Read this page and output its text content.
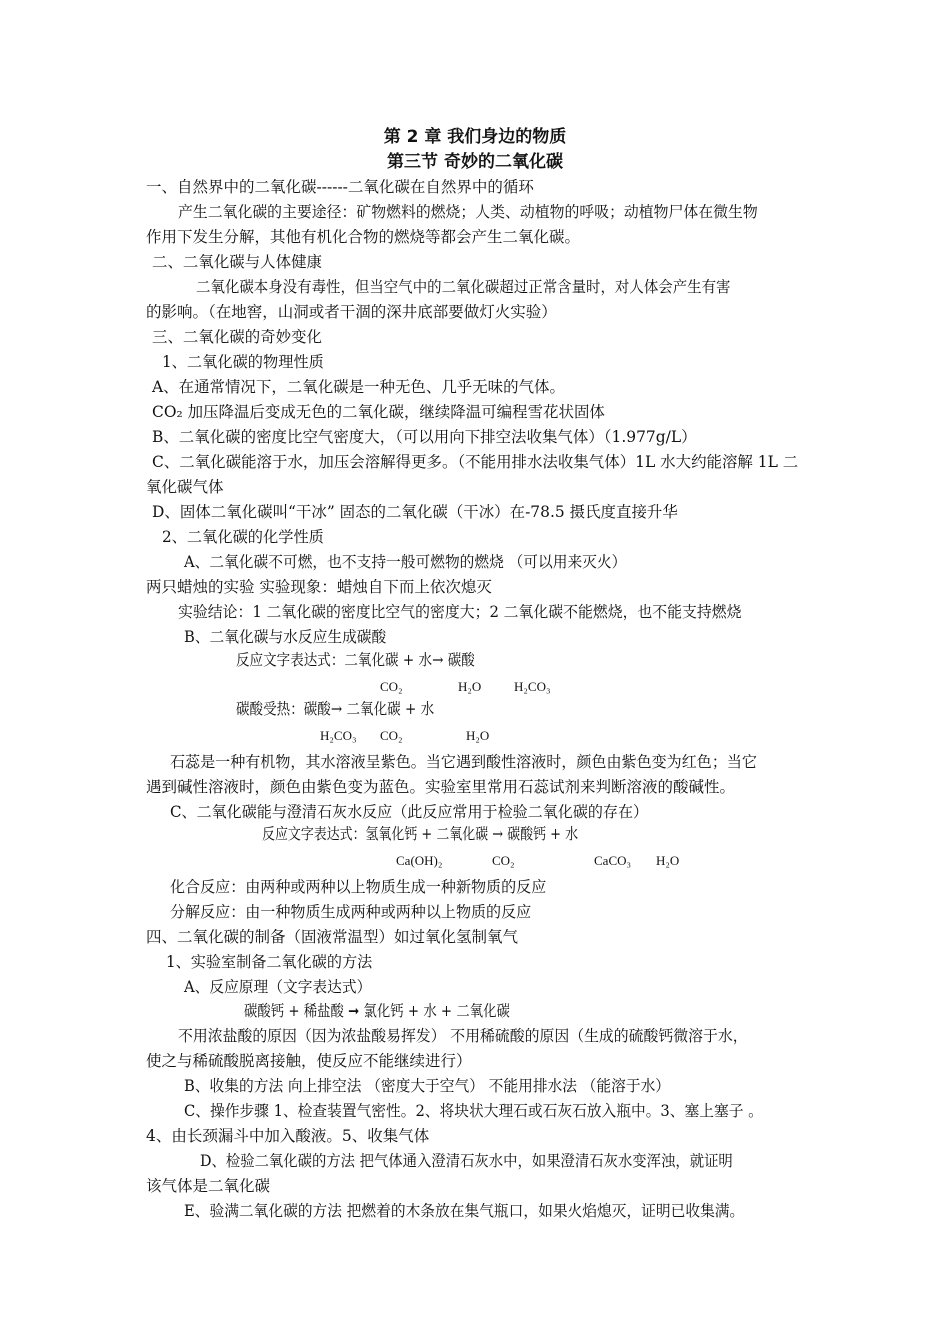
第 2 章 我们身边的物质
第三节 奇妙的二氧化碳
一、自然界中的二氧化碳------二氧化碳在自然界中的循环
产生二氧化碳的主要途径：矿物燃料的燃烧；人类、动植物的呼吸；动植物尸体在微生物
作用下发生分解，其他有机化合物的燃烧等都会产生二氧化碳。
二、二氧化碳与人体健康
二氧化碳本身没有毒性，但当空气中的二氧化碳超过正常含量时，对人体会产生有害
的影响。（在地窖，山洞或者干涸的深井底部要做灯火实验）
三、二氧化碳的奇妙变化
1、二氧化碳的物理性质
A、在通常情况下，二氧化碳是一种无色、几乎无味的气体。
CO₂ 加压降温后变成无色的二氧化碳，继续降温可编程雪花状固体
B、二氧化碳的密度比空气密度大，（可以用向下排空法收集气体）（1.977g/L）
C、二氧化碳能溶于水，加压会溶解得更多。（不能用排水法收集气体）1L 水大约能溶解 1L 二
氧化碳气体
D、固体二氧化碳叫“干冰” 固态的二氧化碳（干冰）在-78.5 摄氏度直接升华
2、二氧化碳的化学性质
A、二氧化碳不可燃，也不支持一般可燃物的燃烧 （可以用来灭火）
两只蜡烛的实验 实验现象：蜡烛自下而上依次熄灭
实验结论：1 二氧化碳的密度比空气的密度大；2 二氧化碳不能燃烧，也不能支持燃烧
B、二氧化碳与水反应生成碳酸
反应文字表达式：二氧化碳 + 水→ 碳酸
CO₂	H₂O	H₂CO₃
碳酸受热：碳酸→ 二氧化碳 + 水
H₂CO₃ CO₂	H₂O
石蕊是一种有机物，其水溶液呈紫色。当它遇到酸性溶液时，颜色由紫色变为红色；当它
遇到碱性溶液时，颜色由紫色变为蓝色。实验室里常用石蕊试剂来判断溶液的酸碱性。
C、二氧化碳能与澄清石灰水反应（此反应常用于检验二氧化碳的存在）
反应文字表达式：氢氧化钙 + 二氧化碳 → 碳酸钙 + 水
Ca(OH)₂	CO₂	CaCO₃ H₂O
化合反应：由两种或两种以上物质生成一种新物质的反应
分解反应：由一种物质生成两种或两种以上物质的反应
四、二氧化碳的制备（固液常温型）如过氧化氢制氧气
1、实验室制备二氧化碳的方法
A、反应原理（文字表达式）
碳酸钙 + 稀盐酸 ➞ 氯化钙 + 水 + 二氧化碳
不用浓盐酸的原因（因为浓盐酸易挥发） 不用稀硫酸的原因（生成的硫酸钙微溶于水，
使之与稀硫酸脱离接触，使反应不能继续进行）
B、收集的方法 向上排空法 （密度大于空气） 不能用排水法 （能溶于水）
C、操作步骤 1、检查装置气密性。2、将块状大理石或石灰石放入瓶中。3、塞上塞子 。
4、由长颈漏斗中加入酸液。5、收集气体
D、检验二氧化碳的方法 把气体通入澄清石灰水中，如果澄清石灰水变浑浊，就证明
该气体是二氧化碳
E、验满二氧化碳的方法 把燃着的木条放在集气瓶口，如果火焰熄灭，证明已收集满。
